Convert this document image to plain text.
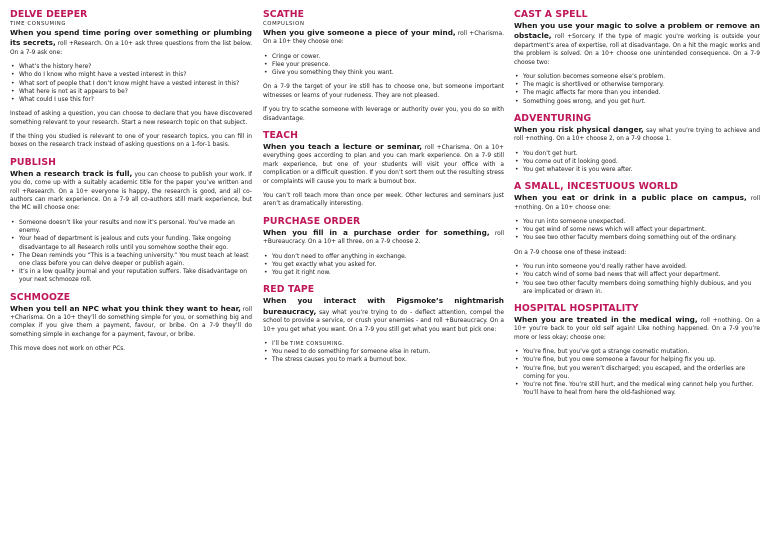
DELVE DEEPER
TIME CONSUMING

When you spend time poring over something or plumbing its secrets, roll +Research. On a 10+ ask three questions from the list below. On a 7-9 ask one:

• What’s the history here?
• Who do I know who might have a vested interest in this?
• What sort of people that I don’t know might have a vested interest in this?
• What here is not as it appears to be?
• What could I use this for?

Instead of asking a question, you can choose to declare that you have discovered something relevant to your research. Start a new research topic on that subject.

If the thing you studied is relevant to one of your research topics, you can fill in boxes on the research track instead of asking questions on a 1-for-1 basis.

PUBLISH

When a research track is full, you can choose to publish your work. If you do, come up with a suitably academic title for the paper you’ve written and roll +Research. On a 10+ everyone is happy, the research is good, and all co-authors can mark experience. On a 7-9 all co-authors still mark experience, but the MC will choose one:

• Someone doesn’t like your results and now it’s personal. You’ve made an enemy.
• Your head of department is jealous and cuts your funding. Take ongoing disadvantage to all Research rolls until you somehow soothe their ego.
• The Dean reminds you “This is a teaching university.” You must teach at least one class before you can delve deeper or publish again.
• It’s in a low quality journal and your reputation suffers. Take disadvantage on your next schmooze roll.
SCHMOOZE

When you tell an NPC what you think they want to hear, roll +Charisma. On a 10+ they’ll do something simple for you, or something big and complex if you give them a payment, favour, or bribe. On a 7-9 they’ll do something simple in exchange for a payment, favour, or bribe.

This move does not work on other PCs.

SCATHE
COMPULSION

When you give someone a piece of your mind, roll +Charisma. On a 10+ they choose one:

• Cringe or cower.
• Flee your presence.
• Give you something they think you want.

On a 7-9 the target of your ire still has to choose one, but someone important witnesses or learns of your rudeness. They are not pleased.

If you try to scathe someone with leverage or authority over you, you do so with disadvantage.

TEACH

When you teach a lecture or seminar, roll +Charisma. On a 10+ everything goes according to plan and you can mark experience. On a 7-9 still mark experience, but one of your students will visit your office with a complication or a difficult question. If you don’t sort them out the resulting stress or complaints will cause you to mark a burnout box.

You can’t roll teach more than once per week. Other lectures and seminars just aren’t as dramatically interesting.

PURCHASE ORDER

When you fill in a purchase order for something, roll +Bureaucracy. On a 10+ all three, on a 7-9 choose 2.

• You don’t need to offer anything in exchange.
• You get exactly what you asked for.
• You get it right now.
RED TAPE

When you interact with Pigsmoke’s nightmarish bureaucracy, say what you’re trying to do - deflect attention, compel the school to provide a service, or crush your enemies - and roll +Bureaucracy. On a 10+ you get what you want. On a 7-9 you still get what you want but pick one:

• I’ll be TIME CONSUMING.
• You need to do something for someone else in return.
• The stress causes you to mark a burnout box.
CAST A SPELL

When you use your magic to solve a problem or remove an obstacle, roll +Sorcery. If the type of magic you’re working is outside your department’s area of expertise, roll at disadvantage. On a hit the magic works and the problem is solved. On a 10+ choose one unintended consequence. On a 7-9 choose two:

• Your solution becomes someone else’s problem.
• The magic is shortlived or otherwise temporary.
• The magic affects far more than you intended.
• Something goes wrong, and you get hurt.
ADVENTURING

When you risk physical danger, say what you’re trying to achieve and roll +nothing. On a 10+ choose 2, on a 7-9 choose 1.

• You don’t get hurt.
• You come out of it looking good.
• You get whatever it is you were after.
A SMALL, INCESTUOUS WORLD

When you eat or drink in a public place on campus, roll +nothing. On a 10+ choose one:

• You run into someone unexpected.
• You get wind of some news which will affect your department.
• You see two other faculty members doing something out of the ordinary.

On a 7-9 choose one of these instead:

• You run into someone you’d really rather have avoided.
• You catch wind of some bad news that will affect your department.
• You see two other faculty members doing something highly dubious, and you are implicated or drawn in.
HOSPITAL HOSPITALITY

When you are treated in the medical wing, roll +nothing. On a 10+ you’re back to your old self again! Like nothing happened. On a 7-9 you’re more or less okay; choose one:

• You’re fine, but you’ve got a strange cosmetic mutation.
• You’re fine, but you owe someone a favour for helping fix you up.
• You’re fine, but you weren’t discharged; you escaped, and the orderlies are coming for you.
• You’re not fine. You’re still hurt, and the medical wing cannot help you further. You’ll have to heal from here the old-fashioned way.
